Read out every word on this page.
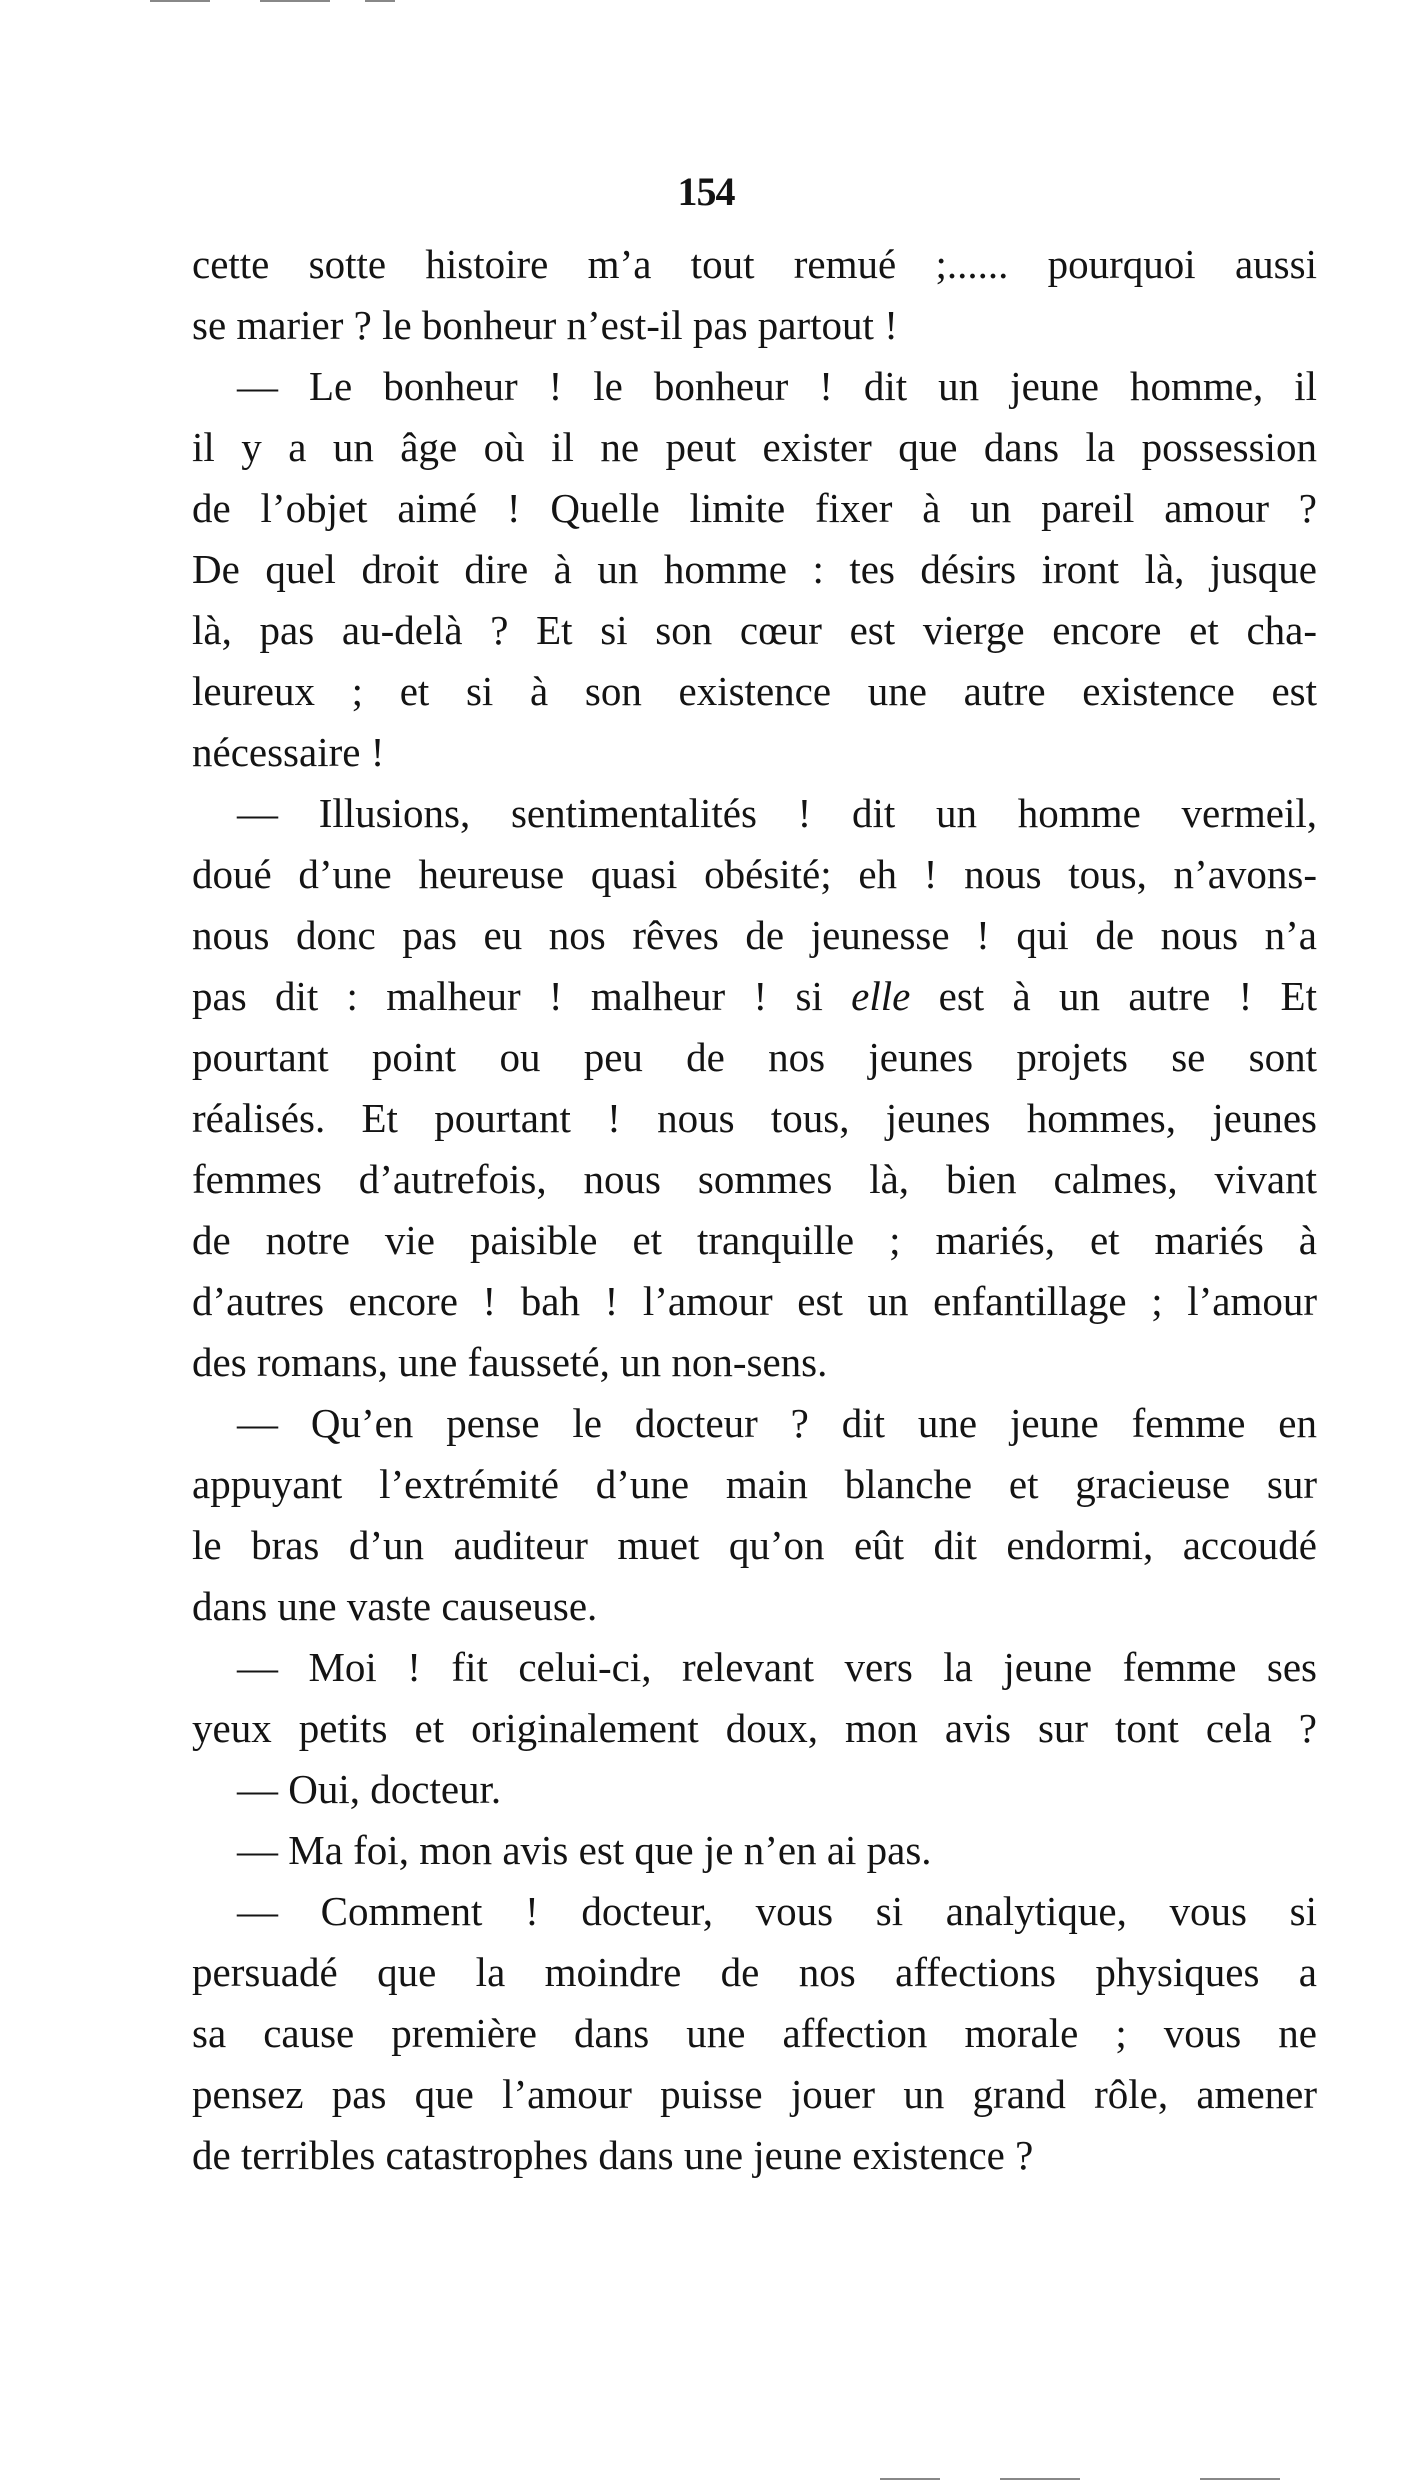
154
cette sotte histoire m’a tout remué ;...... pourquoi aussi
se marier ? le bonheur n’est-il pas partout !
— Le bonheur ! le bonheur ! dit un jeune homme, il
il y a un âge où il ne peut exister que dans la possession
de l’objet aimé ! Quelle limite fixer à un pareil amour ?
De quel droit dire à un homme : tes désirs iront là, jusque
là, pas au-delà ? Et si son cœur est vierge encore et cha-
leureux ; et si à son existence une autre existence est
nécessaire !
— Illusions, sentimentalités ! dit un homme vermeil,
doué d’une heureuse quasi obésité; eh ! nous tous, n’avons-
nous donc pas eu nos rêves de jeunesse ! qui de nous n’a
pas dit : malheur ! malheur ! si elle est à un autre ! Et
pourtant point ou peu de nos jeunes projets se sont
réalisés. Et pourtant ! nous tous, jeunes hommes, jeunes
femmes d’autrefois, nous sommes là, bien calmes, vivant
de notre vie paisible et tranquille ; mariés, et mariés à
d’autres encore ! bah ! l’amour est un enfantillage ; l’amour
des romans, une fausseté, un non-sens.
— Qu’en pense le docteur ? dit une jeune femme en
appuyant l’extrémité d’une main blanche et gracieuse sur
le bras d’un auditeur muet qu’on eût dit endormi, accoudé
dans une vaste causeuse.
— Moi ! fit celui-ci, relevant vers la jeune femme ses
yeux petits et originalement doux, mon avis sur tont cela ?
— Oui, docteur.
— Ma foi, mon avis est que je n’en ai pas.
— Comment ! docteur, vous si analytique, vous si
persuadé que la moindre de nos affections physiques a
sa cause première dans une affection morale ; vous ne
pensez pas que l’amour puisse jouer un grand rôle, amener
de terribles catastrophes dans une jeune existence ?
